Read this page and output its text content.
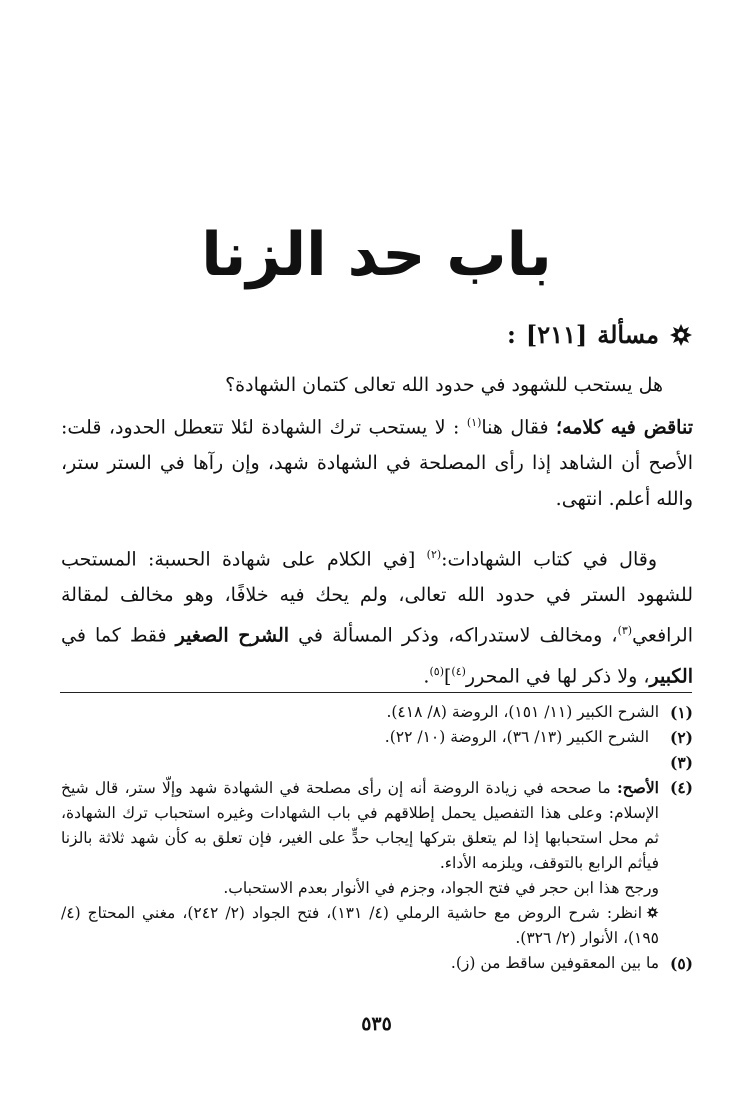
باب حد الزنا
مسألة
[٢١١]
:
هل يستحب للشهود في حدود الله تعالى كتمان الشهادة؟
تناقض فيه كلامه؛ فقال هنا$^{(١)}$ : لا يستحب ترك الشهادة لئلا تتعطل الحدود، قلت: الأصح أن الشاهد إذا رأى المصلحة في الشهادة شهد، وإن رآها في الستر ستر، والله أعلم. انتهى.
وقال في كتاب الشهادات:$^{(٢)}$ [في الكلام على شهادة الحسبة: المستحب للشهود الستر في حدود الله تعالى، ولم يحك فيه خلافًا، وهو مخالف لمقالة الرافعي$^{(٣)}$، ومخالف لاستدراكه، وذكر المسألة في الشرح الصغير فقط كما في الكبير، ولا ذكر لها في المحرر$^{(٤)}$]$^{(٥)}$.
(١)
الشرح الكبير (١١/ ١٥١)، الروضة (٨/ ٤١٨).
(٢)(٣)
الشرح الكبير (١٣/ ٣٦)، الروضة (١٠/ ٢٢).
(٤)

الأصح: ما صححه في زيادة الروضة أنه إن رأى مصلحة في الشهادة شهد وإلّا ستر، قال شيخ الإسلام: وعلى هذا التفصيل يحمل إطلاقهم في باب الشهادات وغيره استحباب ترك الشهادة، ثم محل استحبابها إذا لم يتعلق بتركها إيجاب حدٍّ على الغير، فإن تعلق به كأن شهد ثلاثة بالزنا فيأثم الرابع بالتوقف، ويلزمه الأداء.

ورجح هذا ابن حجر في فتح الجواد، وجزم في الأنوار بعدم الاستحباب.

انظر: شرح الروض مع حاشية الرملي (٤/ ١٣١)، فتح الجواد (٢/ ٢٤٢)، مغني المحتاج (٤/ ١٩٥)، الأنوار (٢/ ٣٢٦).

(٥)
ما بين المعقوفين ساقط من (ز).
٥٣٥
